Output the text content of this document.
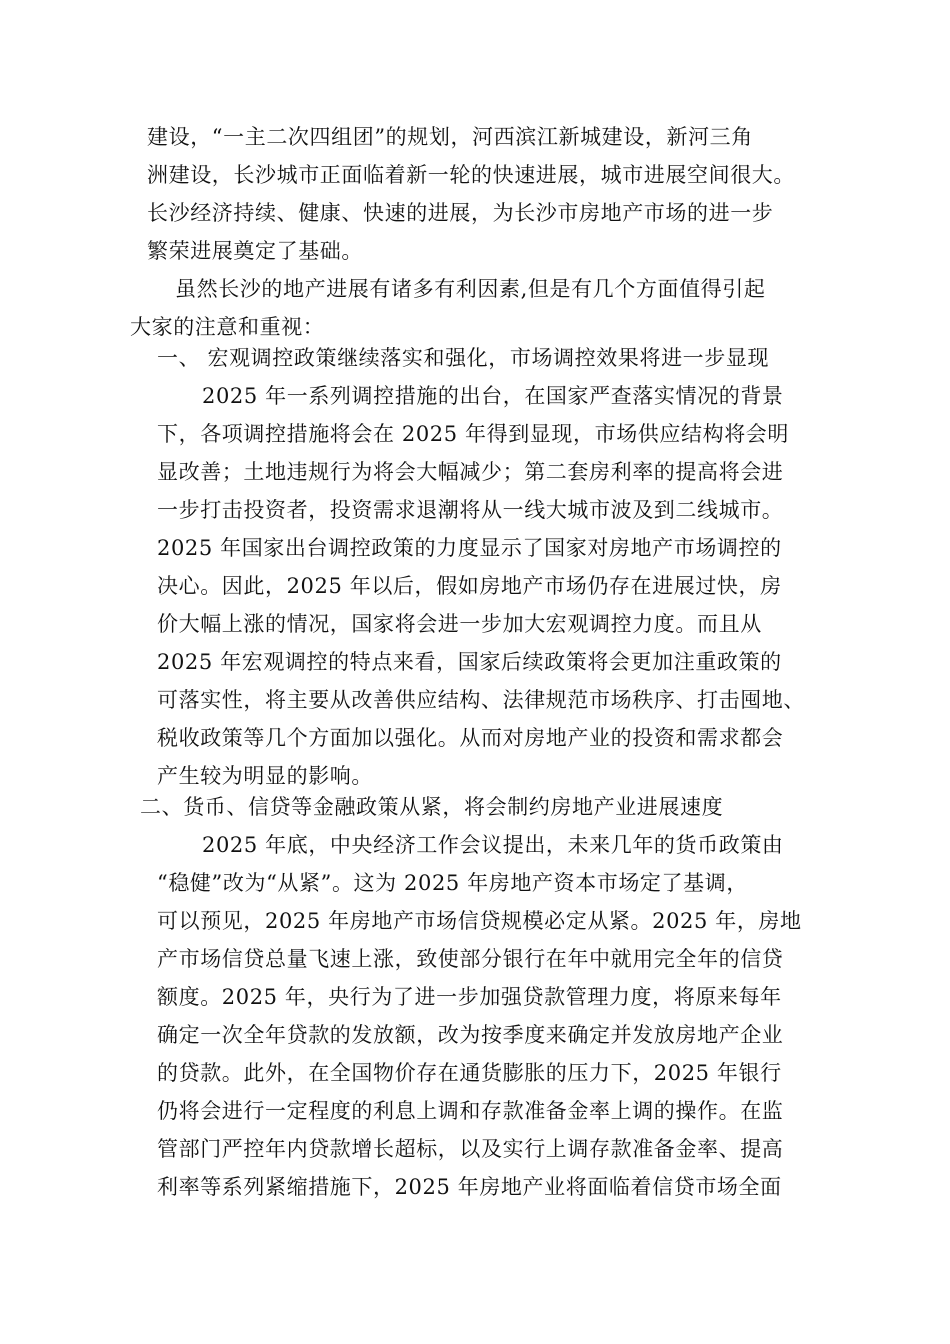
建设，“一主二次四组团”的规划，河西滨江新城建设，新河三角
洲建设，长沙城市正面临着新一轮的快速进展，城市进展空间很大。
长沙经济持续、健康、快速的进展，为长沙市房地产市场的进一步
繁荣进展奠定了基础。
虽然长沙的地产进展有诸多有利因素,但是有几个方面值得引起
大家的注意和重视：
一、 宏观调控政策继续落实和强化，市场调控效果将进一步显现
2025 年一系列调控措施的出台，在国家严查落实情况的背景
下，各项调控措施将会在 2025 年得到显现，市场供应结构将会明
显改善；土地违规行为将会大幅减少；第二套房利率的提高将会进
一步打击投资者，投资需求退潮将从一线大城市波及到二线城市。
2025 年国家出台调控政策的力度显示了国家对房地产市场调控的
决心。因此，2025 年以后，假如房地产市场仍存在进展过快，房
价大幅上涨的情况，国家将会进一步加大宏观调控力度。而且从
2025 年宏观调控的特点来看，国家后续政策将会更加注重政策的
可落实性，将主要从改善供应结构、法律规范市场秩序、打击囤地、
税收政策等几个方面加以强化。从而对房地产业的投资和需求都会
产生较为明显的影响。
二、货币、信贷等金融政策从紧，将会制约房地产业进展速度
2025 年底，中央经济工作会议提出，未来几年的货币政策由
“稳健”改为“从紧”。这为 2025 年房地产资本市场定了基调，
可以预见，2025 年房地产市场信贷规模必定从紧。2025 年，房地
产市场信贷总量飞速上涨，致使部分银行在年中就用完全年的信贷
额度。2025 年，央行为了进一步加强贷款管理力度，将原来每年
确定一次全年贷款的发放额，改为按季度来确定并发放房地产企业
的贷款。此外，在全国物价存在通货膨胀的压力下，2025 年银行
仍将会进行一定程度的利息上调和存款准备金率上调的操作。在监
管部门严控年内贷款增长超标，以及实行上调存款准备金率、提高
利率等系列紧缩措施下，2025 年房地产业将面临着信贷市场全面
